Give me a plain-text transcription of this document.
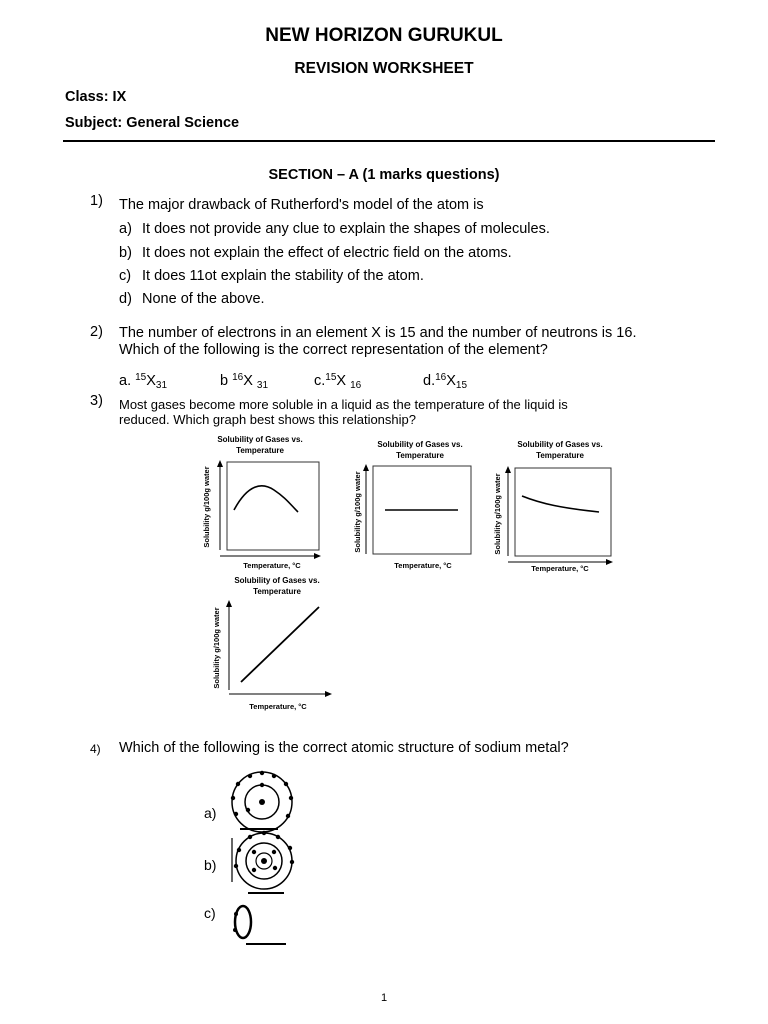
NEW HORIZON GURUKUL
REVISION WORKSHEET
Class: IX
Subject: General Science
SECTION – A (1 marks questions)
1) The major drawback of Rutherford's model of the atom is
a) It does not provide any clue to explain the shapes of molecules.
b) It does not explain the effect of electric field on the atoms.
c) It does 11ot explain the stability of the atom.
d) None of the above.
2) The number of electrons in an element X is 15 and the number of neutrons is 16.
Which of the following is the correct representation of the element?
a. $^{15}X_{31}$	b $^{16}$X $_{31}$	c.$^{15}$X $_{16}$	$d.^{16}X_{15}$
3) Most gases become more soluble in a liquid as the temperature of the liquid is
reduced. Which graph best shows this relationship?
Solubility of Gases vs.
Temperature
Solubility g/100g water
Temperature, °C
Solubility of Gases vs.
Temperature
Solubility g/100g water
Temperature, °C
Solubility of Gases vs.
Temperature
Solubility g/100g water
Temperature, °C
Solubility of Gases vs.
Temperature
Solubility g/100g water
Temperature, °C
4) Which of the following is the correct atomic structure of sodium metal?
a)
b)
c)
1
